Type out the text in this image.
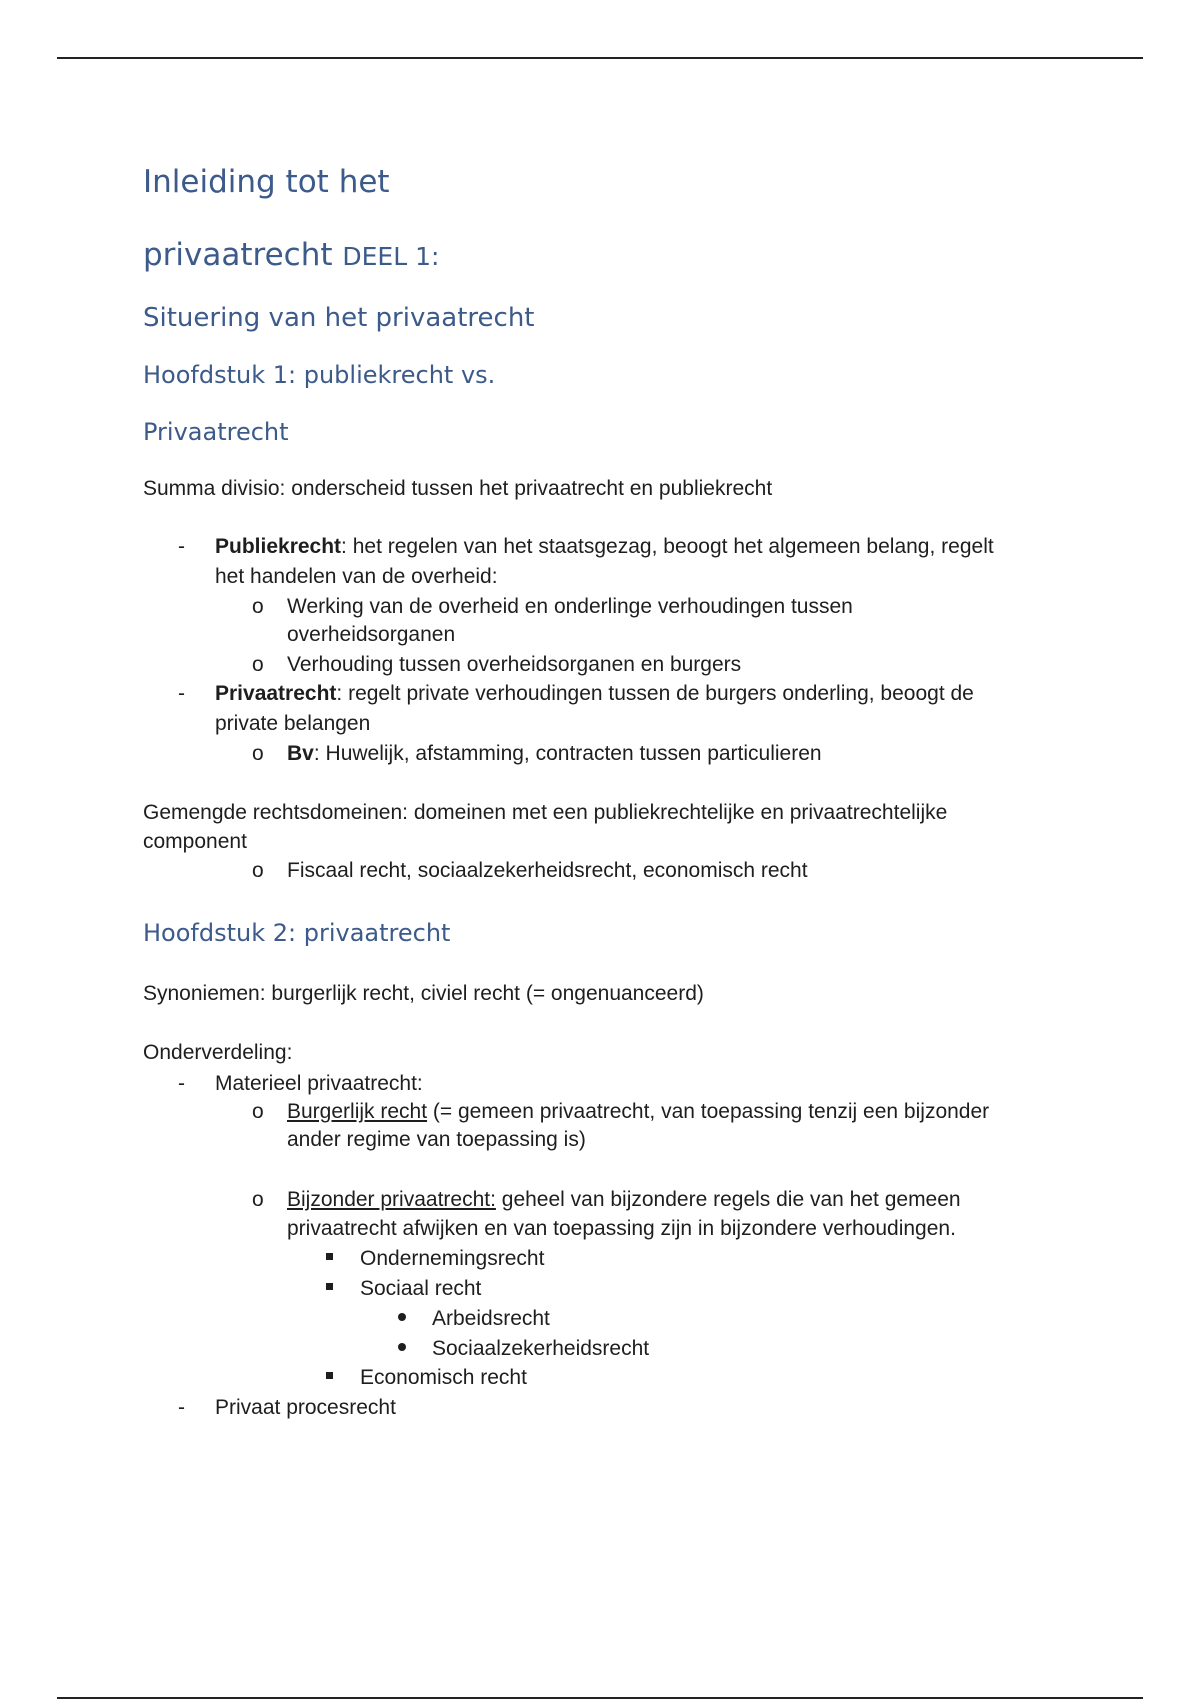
Inleiding tot het
privaatrecht DEEL 1:
Situering van het privaatrecht
Hoofdstuk 1: publiekrecht vs.
Privaatrecht
Summa divisio: onderscheid tussen het privaatrecht en publiekrecht
- Publiekrecht: het regelen van het staatsgezag, beoogt het algemeen belang, regelt
het handelen van de overheid:
o Werking van de overheid en onderlinge verhoudingen tussen
overheidsorganen
o Verhouding tussen overheidsorganen en burgers
- Privaatrecht: regelt private verhoudingen tussen de burgers onderling, beoogt de
private belangen
o Bv: Huwelijk, afstamming, contracten tussen particulieren
Gemengde rechtsdomeinen: domeinen met een publiekrechtelijke en privaatrechtelijke
component
o Fiscaal recht, sociaalzekerheidsrecht, economisch recht
Hoofdstuk 2: privaatrecht
Synoniemen: burgerlijk recht, civiel recht (= ongenuanceerd)
Onderverdeling:
- Materieel privaatrecht:
o Burgerlijk recht (= gemeen privaatrecht, van toepassing tenzij een bijzonder
ander regime van toepassing is)
o Bijzonder privaatrecht: geheel van bijzondere regels die van het gemeen
privaatrecht afwijken en van toepassing zijn in bijzondere verhoudingen.
Ondernemingsrecht
Sociaal recht
Arbeidsrecht
Sociaalzekerheidsrecht
Economisch recht
- Privaat procesrecht
